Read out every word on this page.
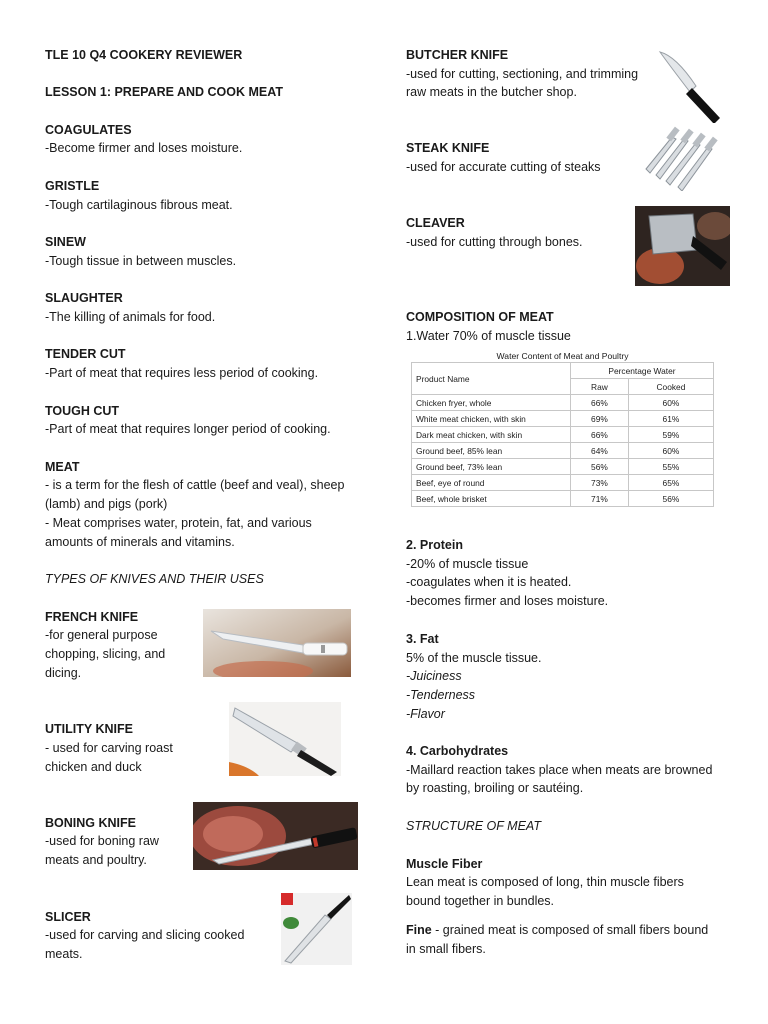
TLE 10 Q4 COOKERY REVIEWER
LESSON 1: PREPARE AND COOK MEAT
COAGULATES
-Become firmer and loses moisture.
GRISTLE
-Tough cartilaginous fibrous meat.
SINEW
-Tough tissue in between muscles.
SLAUGHTER
-The killing of animals for food.
TENDER CUT
-Part of meat that requires less period of cooking.
TOUGH CUT
-Part of meat that requires longer period of cooking.
MEAT
- is a term for the flesh of cattle (beef and veal), sheep
(lamb) and pigs (pork)
- Meat comprises water, protein, fat, and various
amounts of minerals and vitamins.
TYPES OF KNIVES AND THEIR USES
FRENCH KNIFE
-for general purpose
chopping, slicing, and
dicing.
UTILITY KNIFE
- used for carving roast
chicken and duck
BONING KNIFE
-used for boning raw
meats and poultry.
SLICER
-used for carving and slicing cooked
meats.
BUTCHER KNIFE
-used for cutting, sectioning, and trimming
raw meats in the butcher shop.
STEAK KNIFE
-used for accurate cutting of steaks
CLEAVER
-used for cutting through bones.
COMPOSITION OF MEAT
1.Water 70% of muscle tissue
Water Content of Meat and Poultry
Product Name	Percentage Water	
	Raw	Cooked
Chicken fryer, whole	66%	60%
White meat chicken, with skin	69%	61%
Dark meat chicken, with skin	66%	59%
Ground beef, 85% lean	64%	60%
Ground beef, 73% lean	56%	55%
Beef, eye of round	73%	65%
Beef, whole brisket	71%	56%
2. Protein
-20% of muscle tissue
-coagulates when it is heated.
-becomes firmer and loses moisture.
3. Fat
5% of the muscle tissue.
-Juiciness
-Tenderness
-Flavor
4. Carbohydrates
-Maillard reaction takes place when meats are browned
by roasting, broiling or sautéing.
STRUCTURE OF MEAT
Muscle Fiber
Lean meat is composed of long, thin muscle fibers
bound together in bundles.
Fine - grained meat is composed of small fibers bound
in small fibers.
